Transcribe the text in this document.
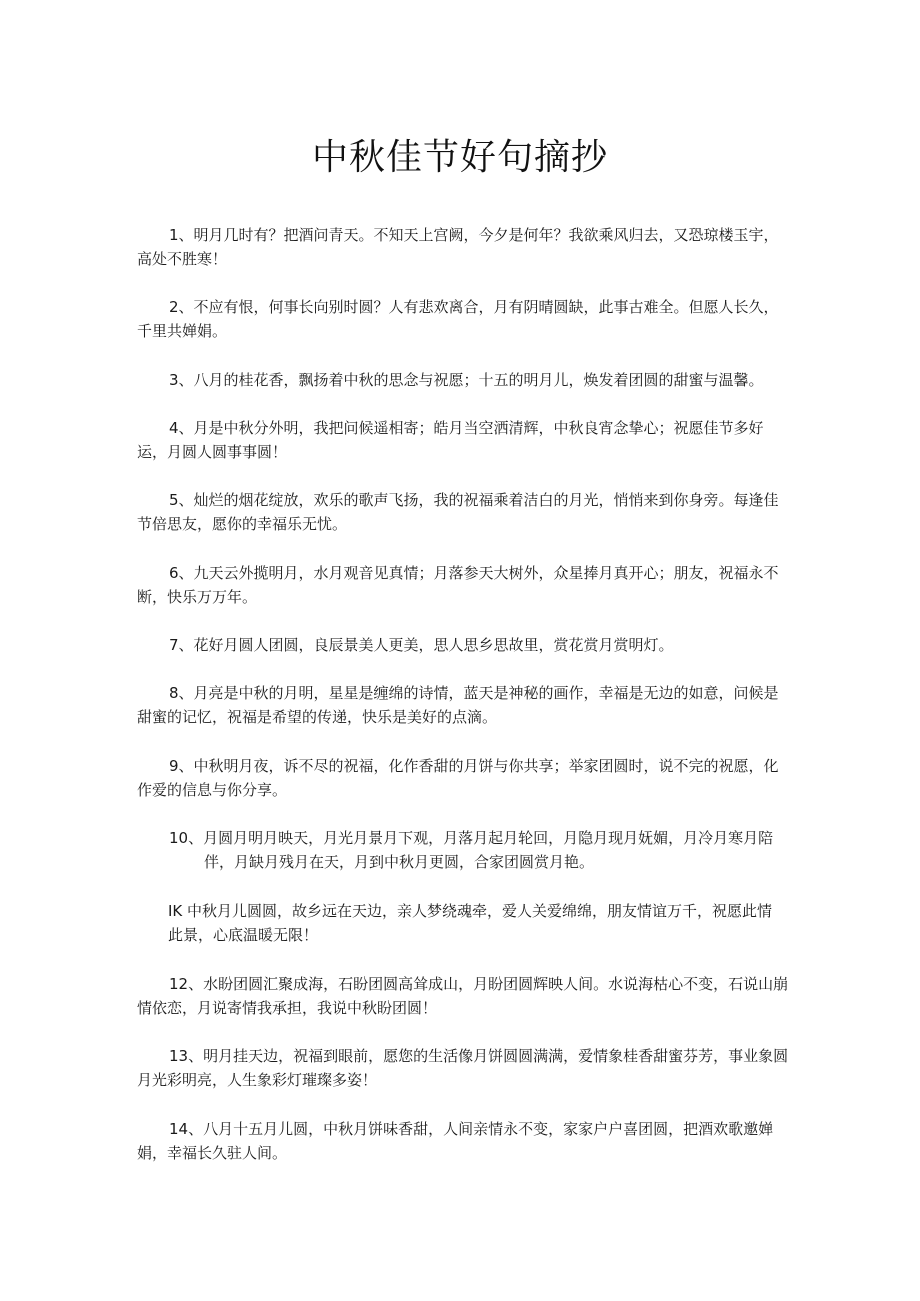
中秋佳节好句摘抄

1、明月几时有？把酒问青天。不知天上宫阙，今夕是何年？我欲乘风归去，又恐琼楼玉宇，高处不胜寒！

2、不应有恨，何事长向别时圆？人有悲欢离合，月有阴晴圆缺，此事古难全。但愿人长久，千里共婵娟。

3、八月的桂花香，飘扬着中秋的思念与祝愿；十五的明月儿，焕发着团圆的甜蜜与温馨。

4、月是中秋分外明，我把问候遥相寄；皓月当空洒清辉，中秋良宵念挚心；祝愿佳节多好运，月圆人圆事事圆！

5、灿烂的烟花绽放，欢乐的歌声飞扬，我的祝福乘着洁白的月光，悄悄来到你身旁。每逢佳节倍思友，愿你的幸福乐无忧。

6、九天云外揽明月，水月观音见真情；月落参天大树外，众星捧月真开心；朋友，祝福永不断，快乐万万年。

7、花好月圆人团圆，良辰景美人更美，思人思乡思故里，赏花赏月赏明灯。

8、月亮是中秋的月明，星星是缠绵的诗情，蓝天是神秘的画作，幸福是无边的如意，问候是甜蜜的记忆，祝福是希望的传递，快乐是美好的点滴。

9、中秋明月夜，诉不尽的祝福，化作香甜的月饼与你共享；举家团圆时，说不完的祝愿，化作爱的信息与你分享。

10、月圆月明月映天，月光月景月下观，月落月起月轮回，月隐月现月妩媚，月冷月寒月陪
伴，月缺月残月在天，月到中秋月更圆，合家团圆赏月艳。

IK 中秋月儿圆圆，故乡远在天边，亲人梦绕魂牵，爱人关爱绵绵，朋友情谊万千，祝愿此情
此景，心底温暖无限！

12、水盼团圆汇聚成海，石盼团圆高耸成山，月盼团圆辉映人间。水说海枯心不变，石说山崩情依恋，月说寄情我承担，我说中秋盼团圆！

13、明月挂天边，祝福到眼前，愿您的生活像月饼圆圆满满，爱情象桂香甜蜜芬芳，事业象圆月光彩明亮，人生象彩灯璀璨多姿！

14、八月十五月儿圆，中秋月饼味香甜，人间亲情永不变，家家户户喜团圆，把酒欢歌邀婵娟，幸福长久驻人间。
